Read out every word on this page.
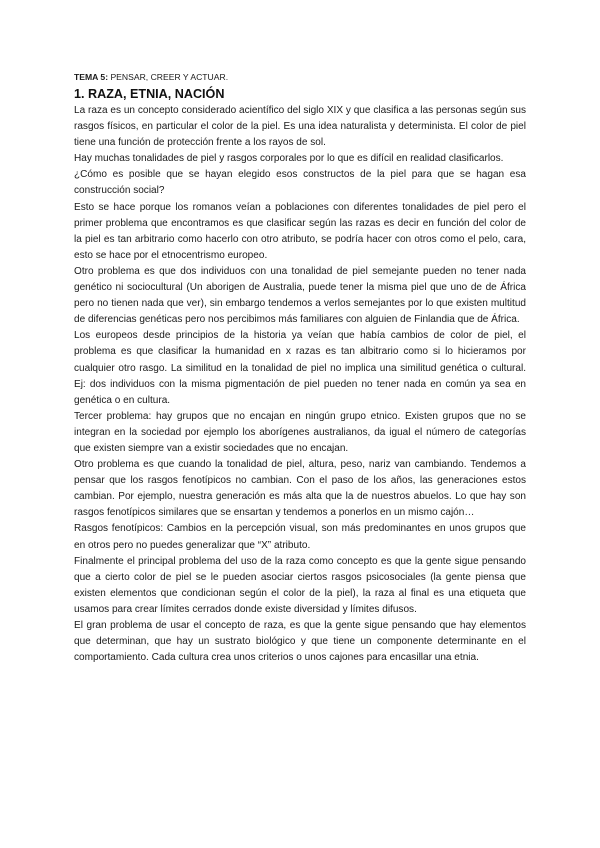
TEMA 5: PENSAR, CREER Y ACTUAR.

1. RAZA, ETNIA, NACIÓN

La raza es un concepto considerado acientífico del siglo XIX y que clasifica a las personas según sus rasgos físicos, en particular el color de la piel. Es una idea naturalista y determinista. El color de piel tiene una función de protección frente a los rayos de sol.

Hay muchas tonalidades de piel y rasgos corporales por lo que es difícil en realidad clasificarlos.

¿Cómo es posible que se hayan elegido esos constructos de la piel para que se hagan esa construcción social?

Esto se hace porque los romanos veían a poblaciones con diferentes tonalidades de piel pero el primer problema que encontramos es que clasificar según las razas es decir en función del color de la piel es tan arbitrario como hacerlo con otro atributo, se podría hacer con otros como el pelo, cara, esto se hace por el etnocentrismo europeo.

Otro problema es que dos individuos con una tonalidad de piel semejante pueden no tener nada genético ni sociocultural (Un aborigen de Australia, puede tener la misma piel que uno de de África pero no tienen nada que ver), sin embargo tendemos a verlos semejantes por lo que existen multitud de diferencias genéticas pero nos percibimos más familiares con alguien de Finlandia que de África.

Los europeos desde principios de la historia ya veían que había cambios de color de piel, el problema es que clasificar la humanidad en x razas es tan albitrario como si lo hicieramos por cualquier otro rasgo. La similitud en la tonalidad de piel no implica una similitud genética o cultural. Ej: dos individuos con la misma pigmentación de piel pueden no tener nada en común ya sea en genética o en cultura.

Tercer problema: hay grupos que no encajan en ningún grupo etnico. Existen grupos que no se integran en la sociedad por ejemplo los aborígenes australianos, da igual el número de categorías que existen siempre van a existir sociedades que no encajan.

Otro problema es que cuando la tonalidad de piel, altura, peso, nariz van cambiando. Tendemos a pensar que los rasgos fenotípicos no cambian. Con el paso de los años, las generaciones estos cambian. Por ejemplo, nuestra generación es más alta que la de nuestros abuelos. Lo que hay son rasgos fenotípicos similares que se ensartan y tendemos a ponerlos en un mismo cajón…

Rasgos fenotípicos: Cambios en la percepción visual, son más predominantes en unos grupos que en otros pero no puedes generalizar que “X” atributo.

Finalmente el principal problema del uso de la raza como concepto es que la gente sigue pensando que a cierto color de piel se le pueden asociar ciertos rasgos psicosociales (la gente piensa que existen elementos que condicionan según el color de la piel), la raza al final es una etiqueta que usamos para crear límites cerrados donde existe diversidad y límites difusos.

El gran problema de usar el concepto de raza, es que la gente sigue pensando que hay elementos que determinan, que hay un sustrato biológico y que tiene un componente determinante en el comportamiento. Cada cultura crea unos criterios o unos cajones para encasillar una etnia.
